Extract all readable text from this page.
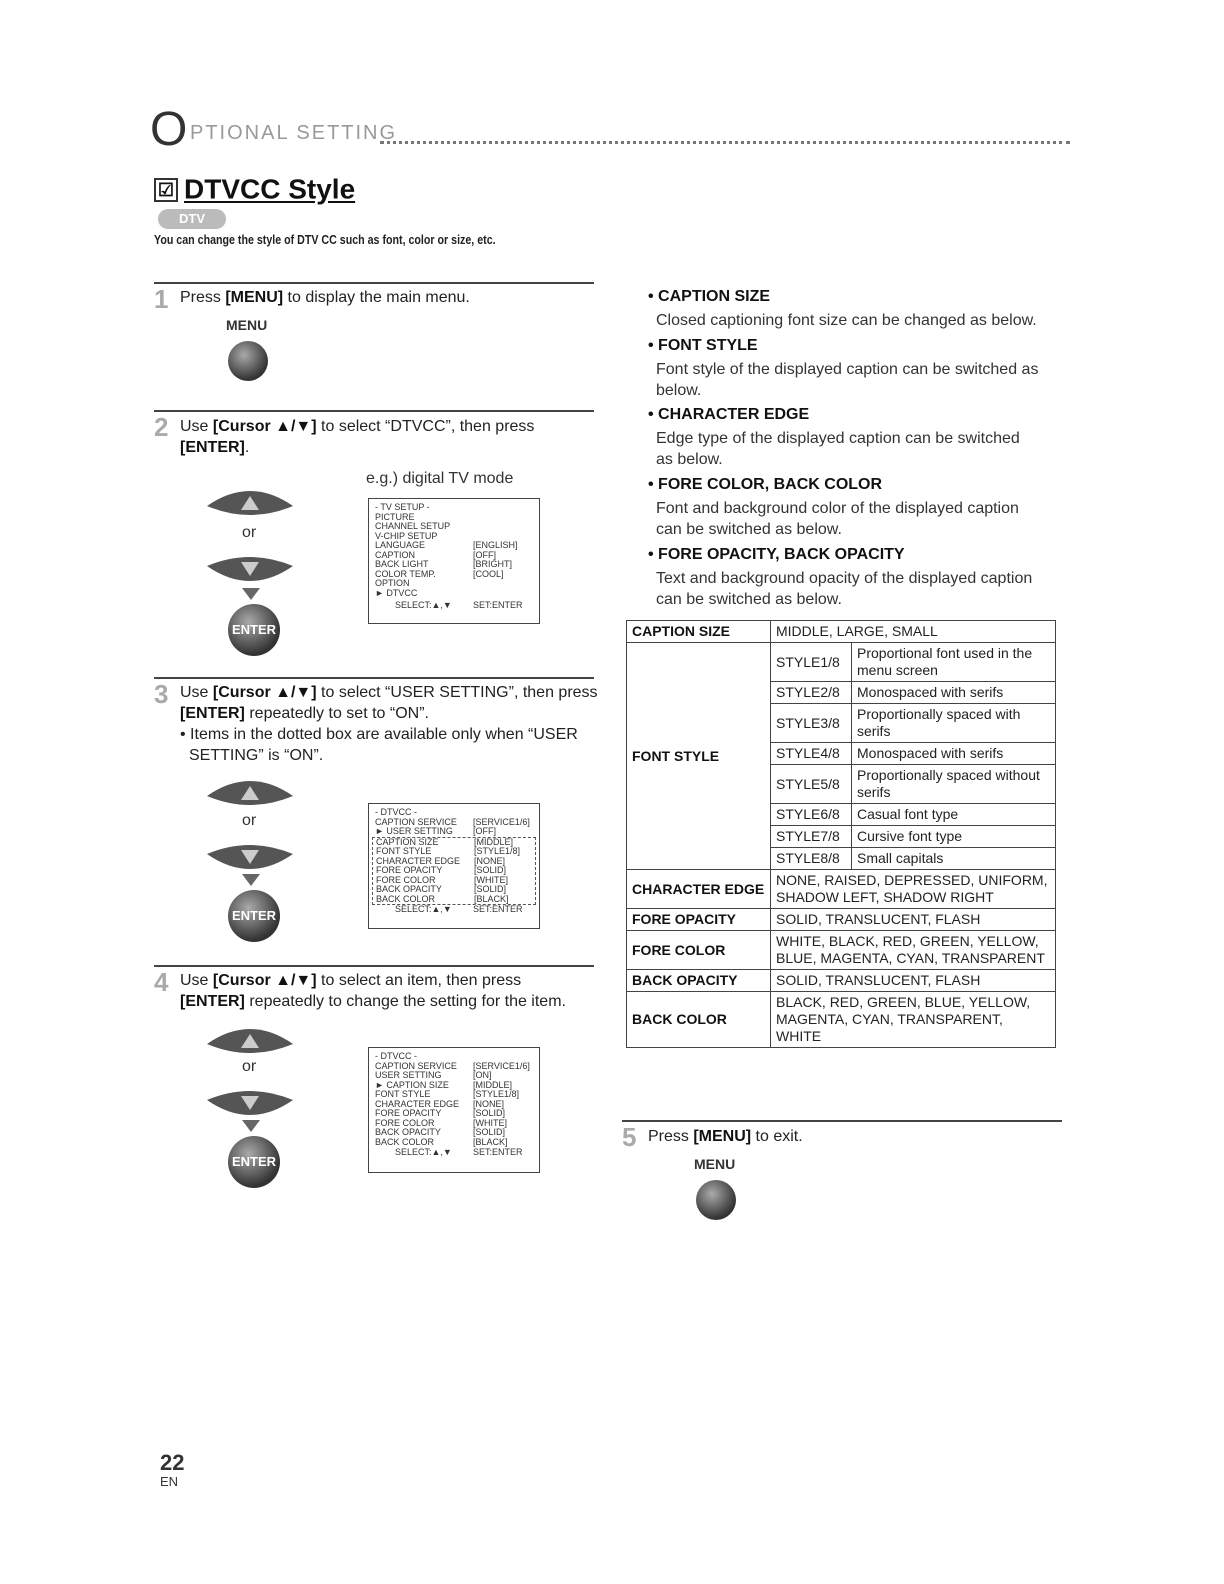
O PTIONAL SETTING
☑ DTVCC Style
DTV
You can change the style of DTV CC such as font, color or size, etc.
1 Press [MENU] to display the main menu.
MENU
2 Use [Cursor ▲/▼] to select “DTVCC”, then press
[ENTER].
e.g.) digital TV mode
or
ENTER
- TV SETUP -
PICTURE
CHANNEL SETUP
V-CHIP SETUP
LANGUAGE	[ENGLISH]
CAPTION	[OFF]
BACK LIGHT	[BRIGHT]
COLOR TEMP.	[COOL]
OPTION
► DTVCC
SELECT:▲,▼	SET:ENTER
3 Use [Cursor ▲/▼] to select “USER SETTING”, then press
[ENTER] repeatedly to set to “ON”.
• Items in the dotted box are available only when “USER
SETTING” is “ON”.
or
ENTER
- DTVCC -
CAPTION SERVICE	[SERVICE1/6]
► USER SETTING	[OFF]
CAPTION SIZE	[MIDDLE]
FONT STYLE	[STYLE1/8]
CHARACTER EDGE	[NONE]
FORE OPACITY	[SOLID]
FORE COLOR	[WHITE]
BACK OPACITY	[SOLID]
BACK COLOR	[BLACK]
SELECT:▲,▼	SET:ENTER
4 Use [Cursor ▲/▼] to select an item, then press
[ENTER] repeatedly to change the setting for the item.
or
ENTER
- DTVCC -
CAPTION SERVICE	[SERVICE1/6]
USER SETTING	[ON]
► CAPTION SIZE	[MIDDLE]
FONT STYLE	[STYLE1/8]
CHARACTER EDGE	[NONE]
FORE OPACITY	[SOLID]
FORE COLOR	[WHITE]
BACK OPACITY	[SOLID]
BACK COLOR	[BLACK]
SELECT:▲,▼	SET:ENTER
• CAPTION SIZE
Closed captioning font size can be changed as below.
• FONT STYLE
Font style of the displayed caption can be switched as
below.
• CHARACTER EDGE
Edge type of the displayed caption can be switched
as below.
• FORE COLOR, BACK COLOR
Font and background color of the displayed caption
can be switched as below.
• FORE OPACITY, BACK OPACITY
Text and background opacity of the displayed caption
can be switched as below.
CAPTION SIZE	MIDDLE, LARGE, SMALL	
FONT STYLE	STYLE1/8	Proportional font used in the menu screen
	STYLE2/8	Monospaced with serifs
	STYLE3/8	Proportionally spaced with serifs
	STYLE4/8	Monospaced with serifs
	STYLE5/8	Proportionally spaced without serifs
	STYLE6/8	Casual font type
	STYLE7/8	Cursive font type
	STYLE8/8	Small capitals
CHARACTER EDGE	NONE, RAISED, DEPRESSED, UNIFORM,
SHADOW LEFT, SHADOW RIGHT	
FORE OPACITY	SOLID, TRANSLUCENT, FLASH	
FORE COLOR	WHITE, BLACK, RED, GREEN, YELLOW,
BLUE, MAGENTA, CYAN, TRANSPARENT	
BACK OPACITY	SOLID, TRANSLUCENT, FLASH	
BACK COLOR	BLACK, RED, GREEN, BLUE, YELLOW,
MAGENTA, CYAN, TRANSPARENT, WHITE	
5 Press [MENU] to exit.
MENU
22
EN
